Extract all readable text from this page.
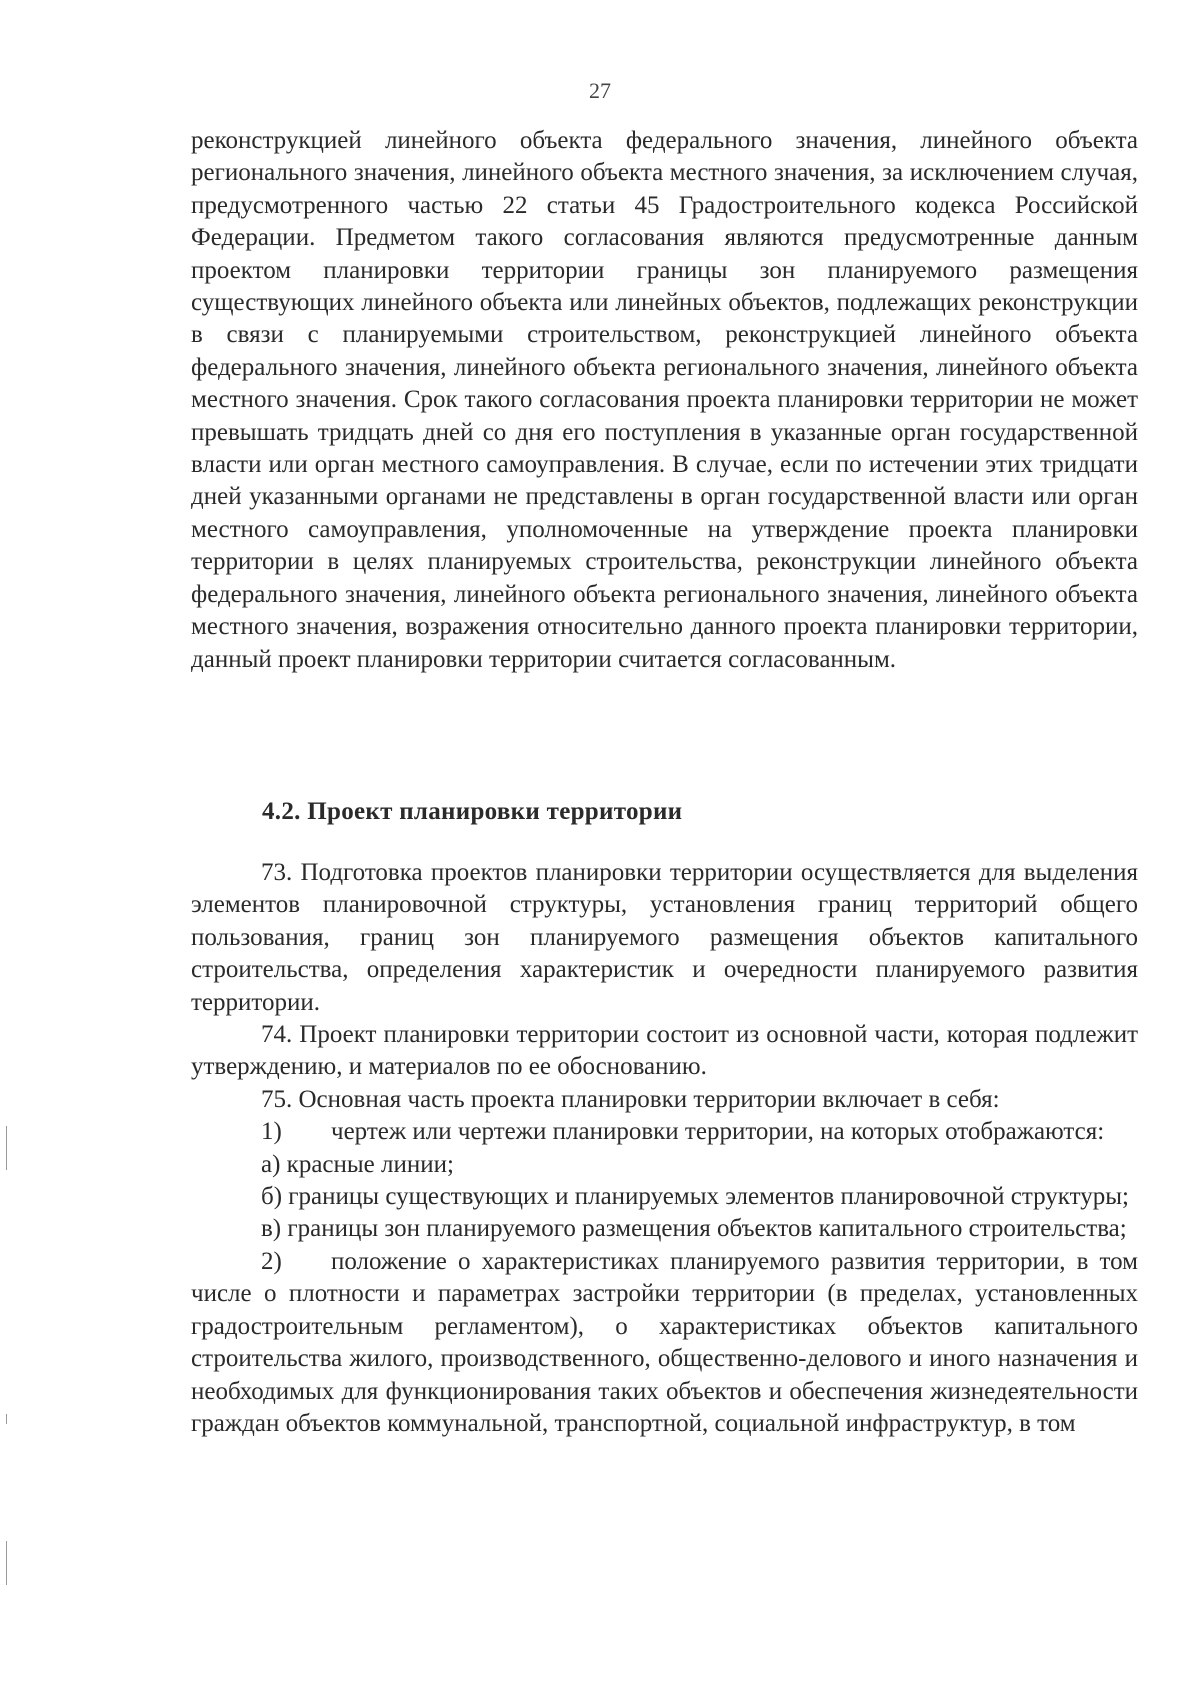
27

реконструкцией линейного объекта федерального значения, линейного объекта регионального значения, линейного объекта местного значения, за исключением случая, предусмотренного частью 22 статьи 45 Градостроительного кодекса Российской Федерации. Предметом такого согласования являются предусмотренные данным проектом планировки территории границы зон планируемого размещения существующих линейного объекта или линейных объектов, подлежащих реконструкции в связи с планируемыми строительством, реконструкцией линейного объекта федерального значения, линейного объекта регионального значения, линейного объекта местного значения. Срок такого согласования проекта планировки территории не может превышать тридцать дней со дня его поступления в указанные орган государственной власти или орган местного самоуправления. В случае, если по истечении этих тридцати дней указанными органами не представлены в орган государственной власти или орган местного самоуправления, уполномоченные на утверждение проекта планировки территории в целях планируемых строительства, реконструкции линейного объекта федерального значения, линейного объекта регионального значения, линейного объекта местного значения, возражения относительно данного проекта планировки территории, данный проект планировки территории считается согласованным.

4.2. Проект планировки территории

73. Подготовка проектов планировки территории осуществляется для выделения элементов планировочной структуры, установления границ территорий общего пользования, границ зон планируемого размещения объектов капитального строительства, определения характеристик и очередности планируемого развития территории.

74. Проект планировки территории состоит из основной части, которая подлежит утверждению, и материалов по ее обоснованию.

75. Основная часть проекта планировки территории включает в себя:

1) чертеж или чертежи планировки территории, на которых отображаются:

а) красные линии;

б) границы существующих и планируемых элементов планировочной структуры;

в) границы зон планируемого размещения объектов капитального строительства;

2) положение о характеристиках планируемого развития территории, в том числе о плотности и параметрах застройки территории (в пределах, установленных градостроительным регламентом), о характеристиках объектов капитального строительства жилого, производственного, общественно-делового и иного назначения и необходимых для функционирования таких объектов и обеспечения жизнедеятельности граждан объектов коммунальной, транспортной, социальной инфраструктур, в том
